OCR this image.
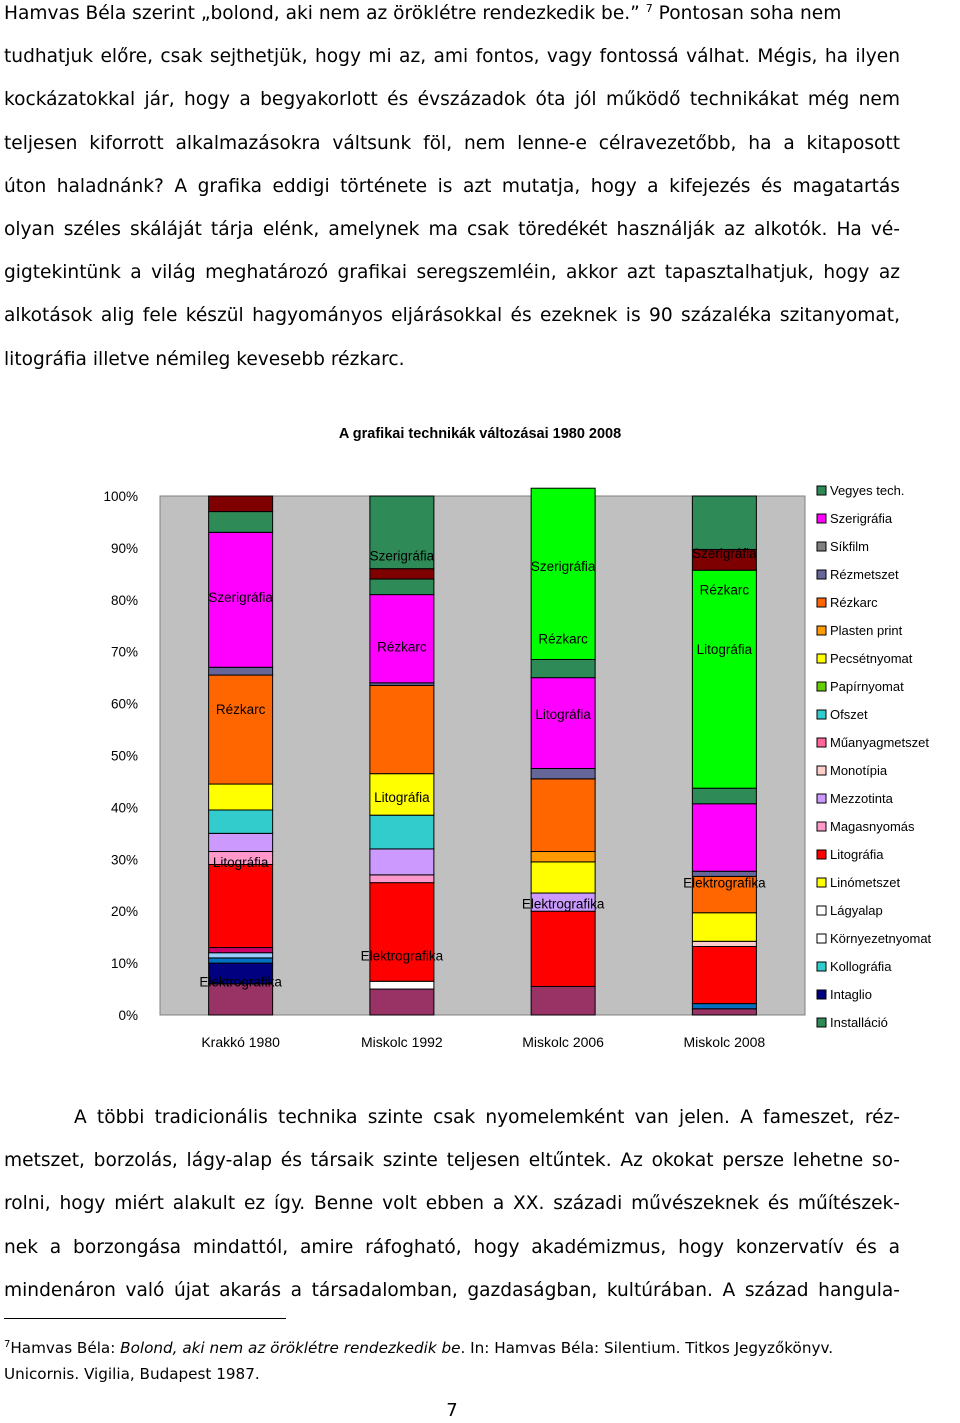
Hamvas Béla szerint „bolond, aki nem az öröklétre rendezkedik be.” $^7$ Pontosan soha nem
tudhatjuk előre, csak sejthetjük, hogy mi az, ami fontos, vagy fontossá válhat. Mégis, ha ilyen
kockázatokkal jár, hogy a begyakorlott és évszázadok óta jól működő technikákat még nem
teljesen kiforrott alkalmazásokra váltsunk föl, nem lenne-e célravezetőbb, ha a kitaposott
úton haladnánk? A grafika eddigi története is azt mutatja, hogy a kifejezés és magatartás
olyan széles skáláját tárja elénk, amelynek ma csak töredékét használják az alkotók. Ha vé-
gigtekintünk a világ meghatározó grafikai seregszemléin, akkor azt tapasztalhatjuk, hogy az
alkotások alig fele készül hagyományos eljárásokkal és ezeknek is 90 százaléka szitanyomat,
litográfia illetve némileg kevesebb rézkarc.
A grafikai technikák változásai 1980 2008
0%
10%
20%
30%
40%
50%
60%
70%
80%
90%
100%
Szerigráfia
Rézkarc
Litográfia
Elektrografika
Krakkó 1980
Szerigráfia
Rézkarc
Litográfia
Elektrografika
Miskolc 1992
Szerigráfia
Rézkarc
Litográfia
Elektrografika
Miskolc 2006
Szerigráfia
Rézkarc
Litográfia
Elektrografika
Miskolc 2008
Vegyes tech.
Szerigráfia
Síkfilm
Rézmetszet
Rézkarc
Plasten print
Pecsétnyomat
Papírnyomat
Ofszet
Műanyagmetszet
Monotípia
Mezzotinta
Magasnyomás
Litográfia
Linómetszet
Lágyalap
Környezetnyomat
Kollográfia
Intaglio
Installáció
A többi tradicionális technika szinte csak nyomelemként van jelen. A fameszet, réz-
metszet, borzolás, lágy-alap és társaik szinte teljesen eltűntek. Az okokat persze lehetne so-
rolni, hogy miért alakult ez így. Benne volt ebben a XX. századi művészeknek és műítészek-
nek a borzongása mindattól, amire ráfogható, hogy akadémizmus, hogy konzervatív és a
mindenáron való újat akarás a társadalomban, gazdaságban, kultúrában. A század hangula-
$^7$Hamvas Béla: Bolond, aki nem az öröklétre rendezkedik be. In: Hamvas Béla: Silentium. Titkos Jegyzőkönyv.
Unicornis. Vigilia, Budapest 1987.
7
